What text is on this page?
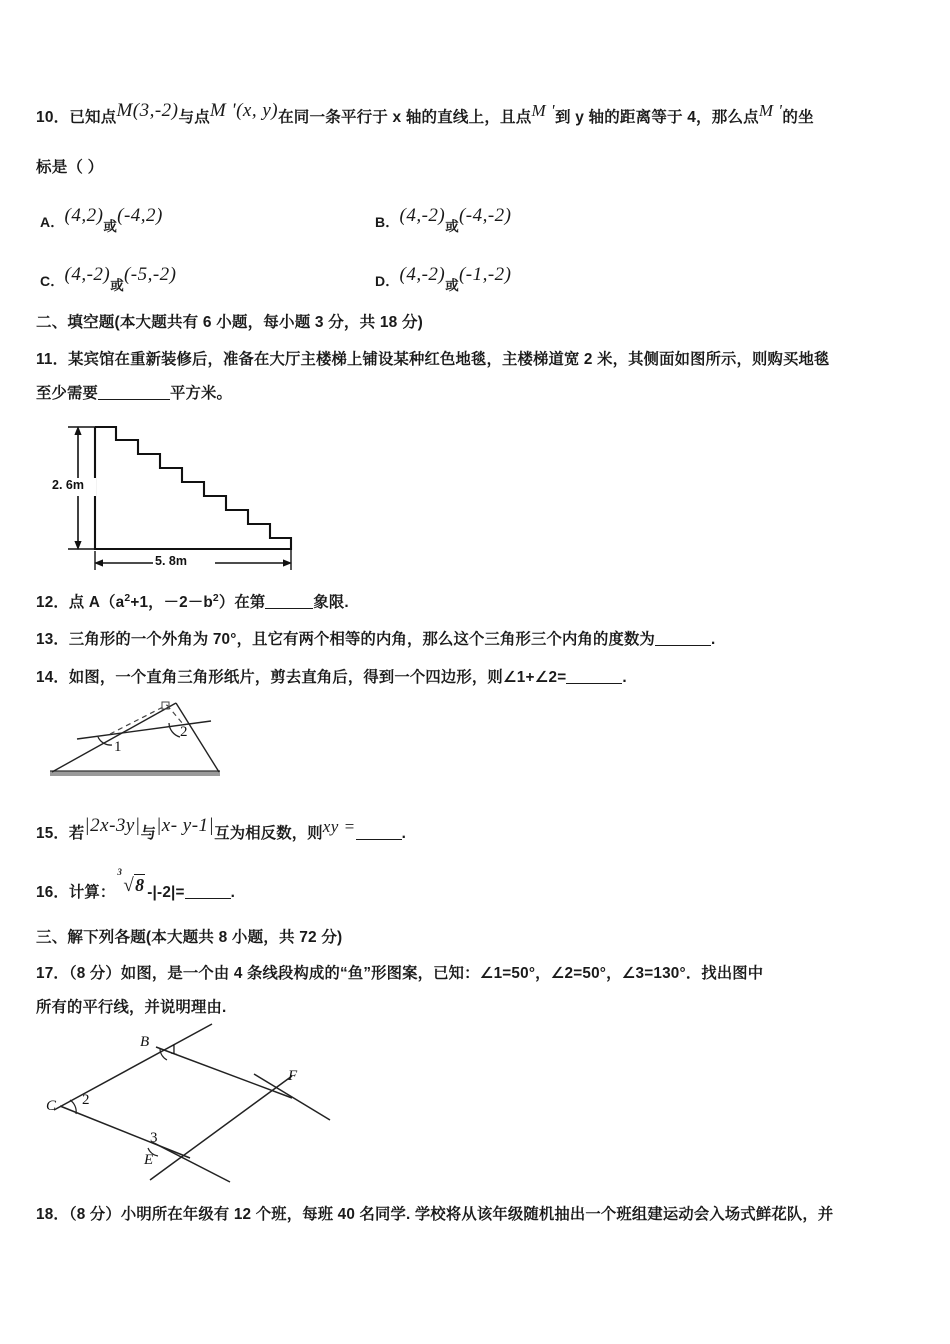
10．已知点M(3,-2)与点M '(x, y)在同一条平行于 x 轴的直线上，且点M '到 y 轴的距离等于 4，那么点M '的坐
标是（ ）
A．(4,2)或(-4,2)	B．(4,-2)或(-4,-2)
C．(4,-2)或(-5,-2)	D．(4,-2)或(-1,-2)
二、填空题(本大题共有 6 小题，每小题 3 分，共 18 分)
11．某宾馆在重新装修后，准备在大厅主楼梯上铺设某种红色地毯，主楼梯道宽 2 米，其侧面如图所示，则购买地毯
至少需要	平方米。
2. 6m
5. 8m
12．点 $A(a^2+1$，$-2-b^2$）在第	象限.
13．三角形的一个外角为 70°，且它有两个相等的内角，那么这个三角形三个内角的度数为	.
14．如图，一个直角三角形纸片，剪去直角后，得到一个四边形，则∠1+∠2=	.
1
2
15．若|2x-3y|与|x- y-1|互为相反数，则xy =	.
16．计算：
3
√8 -|-2|=	.
三、解下列各题(本大题共 8 小题，共 72 分)
17．（8 分）如图，是一个由 4 条线段构成的“鱼”形图案，已知：∠1=50°，∠2=50°，∠3=130°．找出图中
所有的平行线，并说明理由.
B 1
C 2
F
3
E
18．（8 分）小明所在年级有 12 个班，每班 40 名同学. 学校将从该年级随机抽出一个班组建运动会入场式鲜花队，并
